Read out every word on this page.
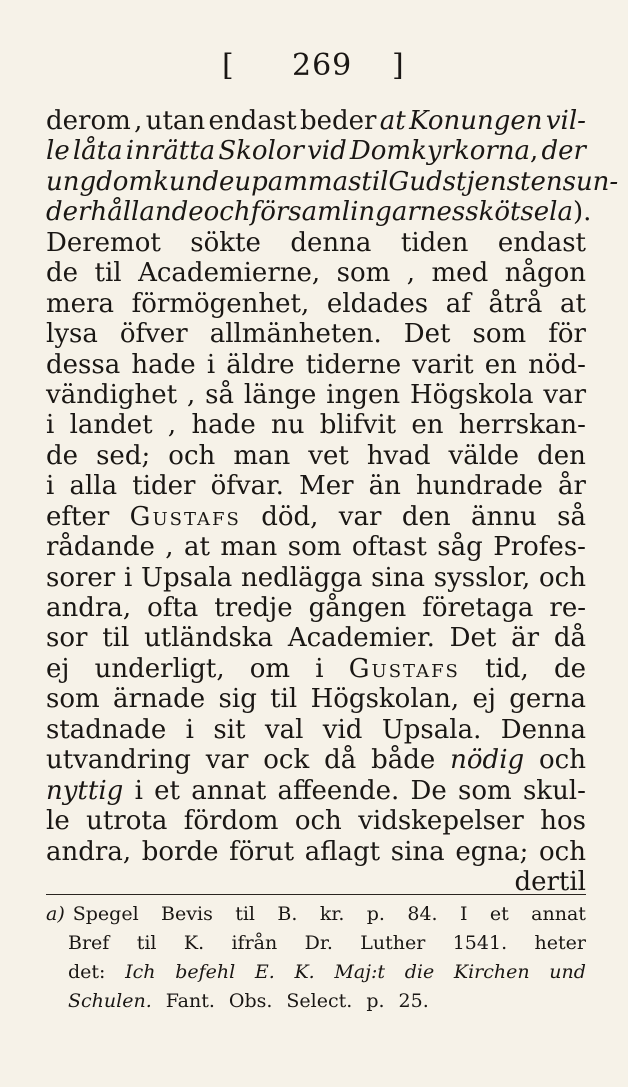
[ 269 ]
derom , utan endast beder at Konungen vil-
le låta inrätta Skolor vid Domkyrkorna, der
ungdom kunde upammas til Gudstjenstens un-
derhållande och församlingarnes skötsel a).
Deremot sökte denna tiden endast
de til Academierne, som , med någon
mera förmögenhet, eldades af åtrå at
lysa öfver allmänheten. Det som för
dessa hade i äldre tiderne varit en nöd-
vändighet , så länge ingen Högskola var
i landet , hade nu blifvit en herrskan-
de sed; och man vet hvad välde den
i alla tider öfvar. Mer än hundrade år
efter Gustafs död, var den ännu så
rådande , at man som oftast såg Profes-
sorer i Upsala nedlägga sina sysslor, och
andra, ofta tredje gången företaga re-
sor til utländska Academier. Det är då
ej underligt, om i Gustafs tid, de
som ärnade sig til Högskolan, ej gerna
stadnade i sit val vid Upsala. Denna
utvandring var ock då både nödig och
nyttig i et annat affeende. De som skul-
le utrota fördom och vidskepelser hos
andra, borde förut aflagt sina egna; och
dertil
a) Spegel Bevis til B. kr. p. 84. I et annat
Bref til K. ifrån Dr. Luther 1541. heter
det: Ich befehl E. K. Maj:t die Kirchen und
Schulen. Fant. Obs. Select. p. 25.
